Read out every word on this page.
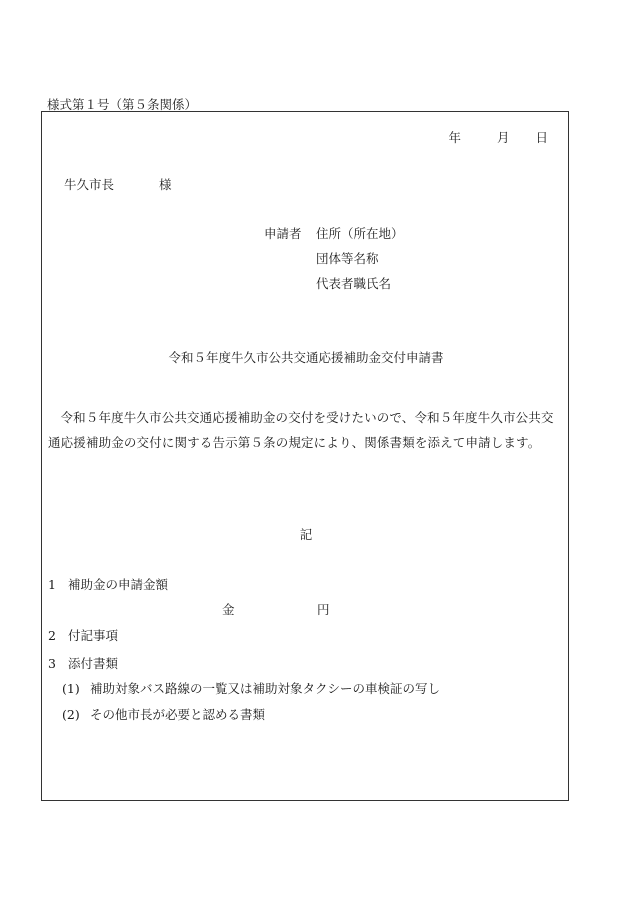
様式第１号（第５条関係）
年	月 日
牛久市長	様
申請者 住所（所在地）
団体等名称
代表者職氏名
令和５年度牛久市公共交通応援補助金交付申請書
令和５年度牛久市公共交通応援補助金の交付を受けたいので、令和５年度牛久市公共交通応援補助金の交付に関する告示第５条の規定により、関係書類を添えて申請します。
記
1 補助金の申請金額
金	円
2 付記事項
3 添付書類
(1) 補助対象バス路線の一覧又は補助対象タクシーの車検証の写し
(2) その他市長が必要と認める書類
